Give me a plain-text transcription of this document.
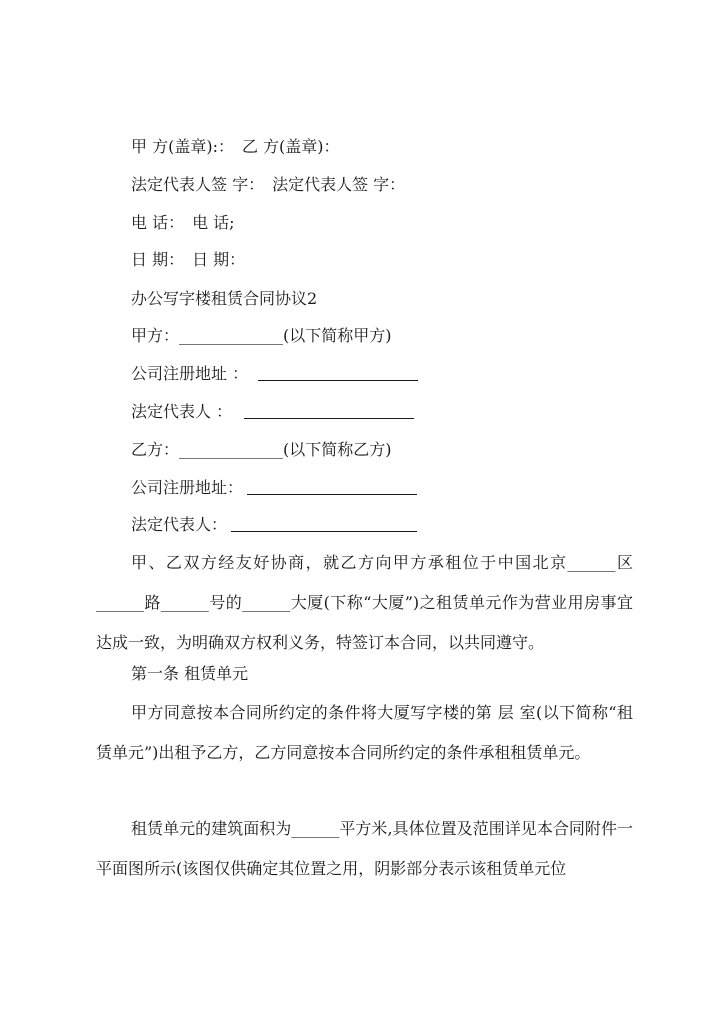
甲 方(盖章):： 乙 方(盖章)：
法定代表人签 字： 法定代表人签 字：
电 话： 电 话;
日 期： 日 期：
办公写字楼租赁合同协议2
甲方：_____________(以下简称甲方)
公司注册地址 ：
法定代表人 ：
乙方：_____________(以下简称乙方)
公司注册地址：
法定代表人：
甲、乙双方经友好协商，就乙方向甲方承租位于中国北京______区______路______号的______大厦(下称“大厦”)之租赁单元作为营业用房事宜达成一致，为明确双方权利义务，特签订本合同，以共同遵守。
第一条 租赁单元
甲方同意按本合同所约定的条件将大厦写字楼的第 层 室(以下简称“租赁单元”)出租予乙方，乙方同意按本合同所约定的条件承租租赁单元。
租赁单元的建筑面积为______平方米,具体位置及范围详见本合同附件一平面图所示(该图仅供确定其位置之用，阴影部分表示该租赁单元位
